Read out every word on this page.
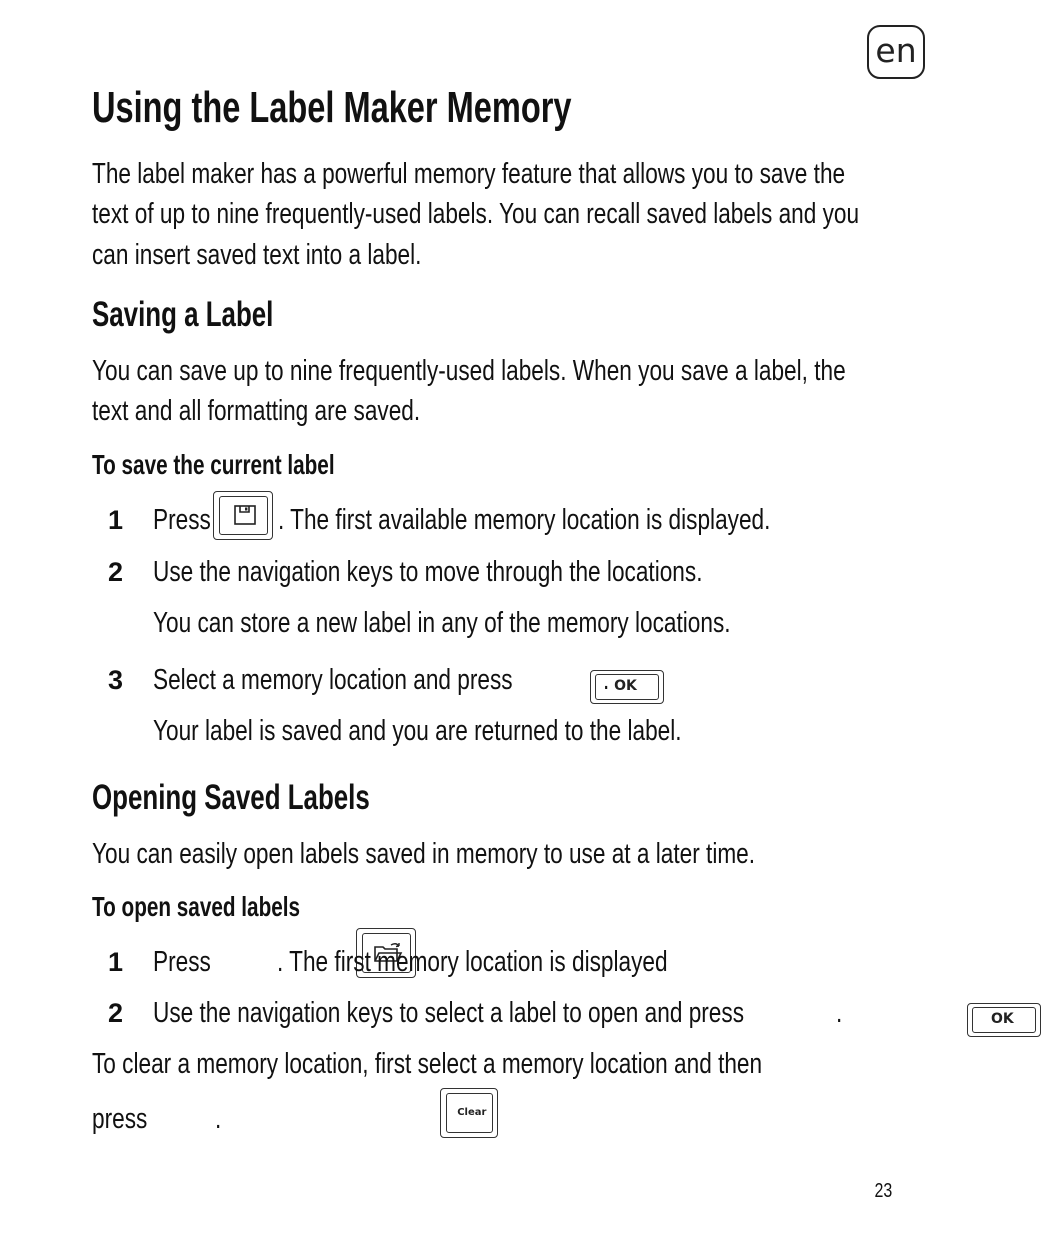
en
Using the Label Maker Memory
The label maker has a powerful memory feature that allows you to save the
text of up to nine frequently-used labels. You can recall saved labels and you
can insert saved text into a label.
Saving a Label
You can save up to nine frequently-used labels. When you save a label, the
text and all formatting are saved.
To save the current label
1 Press
. The first available memory location is displayed.
2 Use the navigation keys to move through the locations.
You can store a new label in any of the memory locations.
3 Select a memory location and press	OK

.
Your label is saved and you are returned to the label.
Opening Saved Labels
You can easily open labels saved in memory to use at a later time.
To open saved labels
1 Press
. The first memory location is displayed
2 Use the navigation keys to select a label to open and press	OK

.
To clear a memory location, first select a memory location and then
press	Clear
.
23
